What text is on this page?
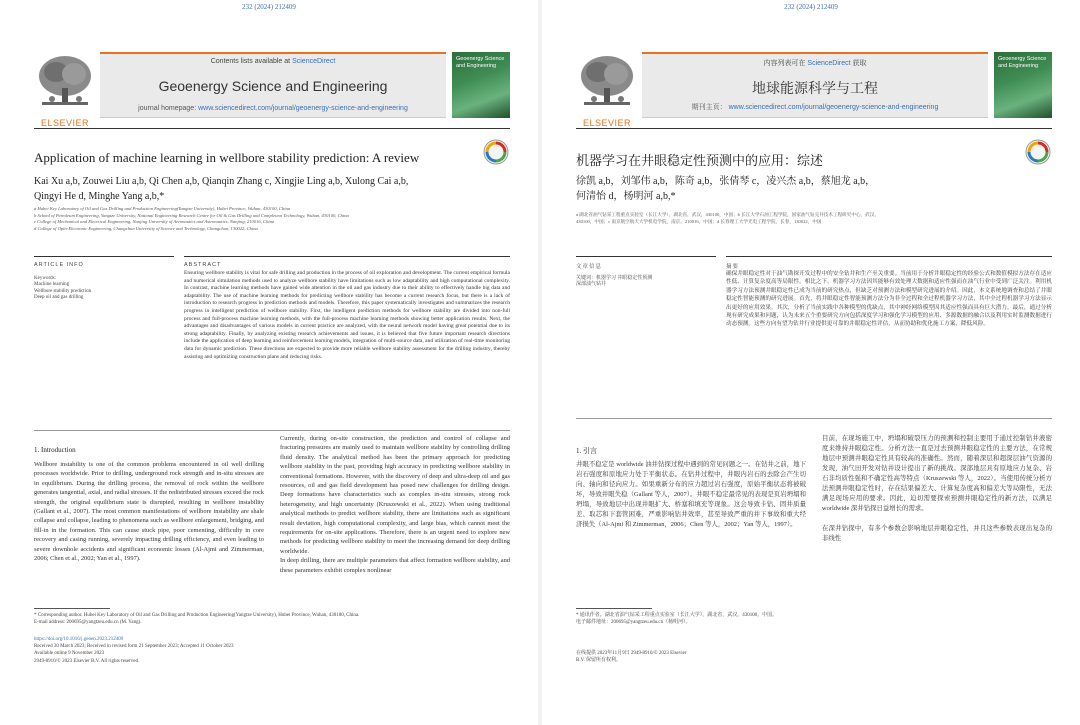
232 (2024) 212409
ELSEVIER
Contents lists available at ScienceDirect
Geoenergy Science and Engineering
journal homepage: www.sciencedirect.com/journal/geoenergy-science-and-engineering
Geoenergy Science and Engineering
Application of machine learning in wellbore stability prediction: A review
Kai Xu a,b, Zouwei Liu a,b, Qi Chen a,b, Qianqin Zhang c, Xingjie Ling a,b, Xulong Cai a,b,
Qingyi He d, Minghe Yang a,b,*
a Hubei Key Laboratory of Oil and Gas Drilling and Production Engineering(Yangtze University), Hubei Province, Wuhan, 430100, China
b School of Petroleum Engineering, Yangtze University, National Engineering Research Centre for Oil & Gas Drilling and Completion Technology, Wuhan, 430100, China
c College of Mechanical and Electrical Engineering, Nanjing University of Aeronautics and Astronautics, Nanjing, 210016, China
d College of Opto-Electronic Engineering, Changchun University of Science and Technology, Changchun, 130022, China
ARTICLE INFO	ABSTRACT
Keywords:
Machine learning
Wellbore stability prediction
Deep oil and gas drilling
Ensuring wellbore stability is vital for safe drilling and production in the process of oil exploration and development. The current empirical formula and numerical simulation methods used to analyze wellbore stability have limitations such as low adaptability and high computational complexity. In contrast, machine learning methods have gained wide attention in the oil and gas industry due to their ability to effectively handle big data and adaptability. The use of machine learning methods for predicting wellbore stability has become a current research focus, but there is a lack of introduction to research progress in prediction methods and models. Therefore, this paper systematically investigates and summarizes the research progress in intelligent prediction of wellbore stability. First, the intelligent prediction methods for wellbore stability are divided into non-full process and full-process machine learning methods, with the full-process machine learning methods showing better application results. Next, the advantages and disadvantages of various models in current practice are analyzed, with the neural network model having great potential due to its strong adaptability. Finally, by analyzing existing research achievements and issues, it is believed that five future important research directions include the application of deep learning and reinforcement learning models, integration of multi-source data, and utilization of real-time monitoring data for dynamic prediction. These directions are expected to provide more reliable wellbore stability assessment for the drilling industry, thereby assisting and optimizing construction plans and reducing risks.
1. Introduction
Wellbore instability is one of the common problems encountered in oil well drilling processes worldwide. Prior to drilling, underground rock strength and in-situ stresses are in equilibrium. During the drilling process, the removal of rock within the wellbore generates tangential, axial, and radial stresses. If the redistributed stresses exceed the rock strength, the original equilibrium state is disrupted, resulting in wellbore instability (Gallant et al., 2007). The most common manifestations of wellbore instability are shale collapse and collapse, leading to phenomena such as wellbore enlargement, bridging, and fill-in in the formation. This can cause stuck pipe, poor cementing, difficulty in core recovery and casing running, severely impacting drilling efficiency, and even leading to severe downhole accidents and significant economic losses (Al-Ajmi and Zimmerman, 2006; Chen et al., 2002; Yan et al., 1997).
Currently, during on-site construction, the prediction and control of collapse and fracturing pressures are mainly used to maintain wellbore stability by controlling drilling fluid density. The analytical method has been the primary approach for predicting wellbore stability in the past, providing high accuracy in predicting wellbore stability in conventional formations. However, with the discovery of deep and ultra-deep oil and gas resources, oil and gas field development has posed new challenges for drilling design. Deep formations have characteristics such as complex in-situ stresses, strong rock heterogeneity, and high uncertainty (Kruszewski et al., 2022). When using traditional analytical methods to predict wellbore stability, there are limitations such as significant result deviation, high computational complexity, and large bias, which cannot meet the requirements for on-site applications. Therefore, there is an urgent need to explore new methods for predicting wellbore stability to meet the increasing demand for deep drilling worldwide.
In deep drilling, there are multiple parameters that affect formation wellbore stability, and these parameters exhibit complex nonlinear
* Corresponding author. Hubei Key Laboratory of Oil and Gas Drilling and Production Engineering(Yangtze University), Hubei Province, Wuhan, 430100, China.
E-mail address: 200695@yangtzeu.edu.cn (M. Yang).
https://doi.org/10.1016/j.geoen.2023.212409
Received 30 March 2023; Received in revised form 21 September 2023; Accepted 11 October 2023
Available online 9 November 2023
2949-8910/© 2023 Elsevier B.V. All rights reserved.
232 (2024) 212409
ELSEVIER
内容列表可在 ScienceDirect 获取
地球能源科学与工程
期刊主页： www.sciencedirect.com/journal/geoenergy-science-and-engineering
Geoenergy Science and Engineering
机器学习在井眼稳定性预测中的应用：综述
徐凯 a,b，刘邹伟 a,b，陈奇 a,b，张倩琴 c，凌兴杰 a,b，蔡旭龙 a,b，
何清怡 d，杨明河 a,b,*
a 湖北省油气钻采工程重点实验室（长江大学），湖北省，武汉，430100，中国；b 长江大学石油工程学院，国家油气钻完井技术工程研究中心，武汉，
430100，中国；c 南京航空航天大学机电学院，南京，210016，中国；d 长春理工大学光电工程学院，长春，130022，中国
文章信息	摘要
关键词：机器学习 井眼稳定性预测
深部油气钻井
确保井眼稳定性对于油气勘探开发过程中的安全钻井和生产至关重要。当前用于分析井眼稳定性的经验公式和数值模拟方法存在适应性低、计算复杂度高等局限性。相比之下，机器学习方法因其能够有效处理大数据和适应性强而在油气行业中受到广泛关注。利用机器学习方法预测井眼稳定性已成为当前的研究热点，但缺乏对预测方法和模型研究进展的介绍。因此，本文系统地调查和总结了井眼稳定性智能预测的研究进展。首先，将井眼稳定性智能预测方法分为非全过程和全过程机器学习方法，其中全过程机器学习方法显示出更好的应用效果。其次，分析了当前实践中各种模型的优缺点，其中神经网络模型因其适应性强而具有巨大潜力。最后，通过分析现有研究成果和问题，认为未来五个重要研究方向包括深度学习和强化学习模型的应用、多源数据的融合以及利用实时监测数据进行动态预测。这些方向有望为钻井行业提供更可靠的井眼稳定性评估，从而协助和优化施工方案，降低风险。
1. 引言
井眼不稳定是 worldwide 油井钻探过程中遇到的常见问题之一。在钻井之前，地下岩石强度和原地应力处于平衡状态。在钻井过程中，井眼内岩石的去除会产生切向、轴向和径向应力。如果重新分布的应力超过岩石强度，原始平衡状态将被破坏，导致井眼失稳（Gallant 等人，2007）。井眼不稳定最常见的表现是页岩坍塌和坍塌，导致地层中出现井眼扩大、桥塞和填充等现象。这会导致卡钻、固井质量差、取芯和下套管困难，严重影响钻井效率，甚至导致严重的井下事故和重大经济损失（Al-Ajmi 和 Zimmerman，2006；Chen 等人，2002；Yan 等人，1997）。
目前，在现场施工中，坍塌和破裂压力的预测和控制主要用于通过控制钻井液密度来维持井眼稳定性。分析方法一直是过去预测井眼稳定性的主要方法，在常规地层中预测井眼稳定性具有较高的准确性。然而，随着深层和超深层油气资源的发现，油气田开发对钻井设计提出了新的挑战。深部地层具有原地应力复杂、岩石非均质性强和不确定性高等特点（Kruszewski 等人，2022）。当使用传统分析方法预测井眼稳定性时，存在结果偏差大、计算复杂度高和偏差大等局限性，无法满足现场应用的要求。因此，迫切需要探索预测井眼稳定性的新方法，以满足 worldwide 深井钻探日益增长的需求。

在深井钻探中，有多个参数会影响地层井眼稳定性，并且这些参数表现出复杂的非线性
* 通讯作者。湖北省油气钻采工程重点实验室（长江大学），湖北省，武汉，430100，中国。
电子邮件地址：200695@yangtzeu.edu.cn（杨明河）。
在线提供 2023年11月9日 2949-8910/© 2023 Elsevier
B.V. 保留所有权利。
